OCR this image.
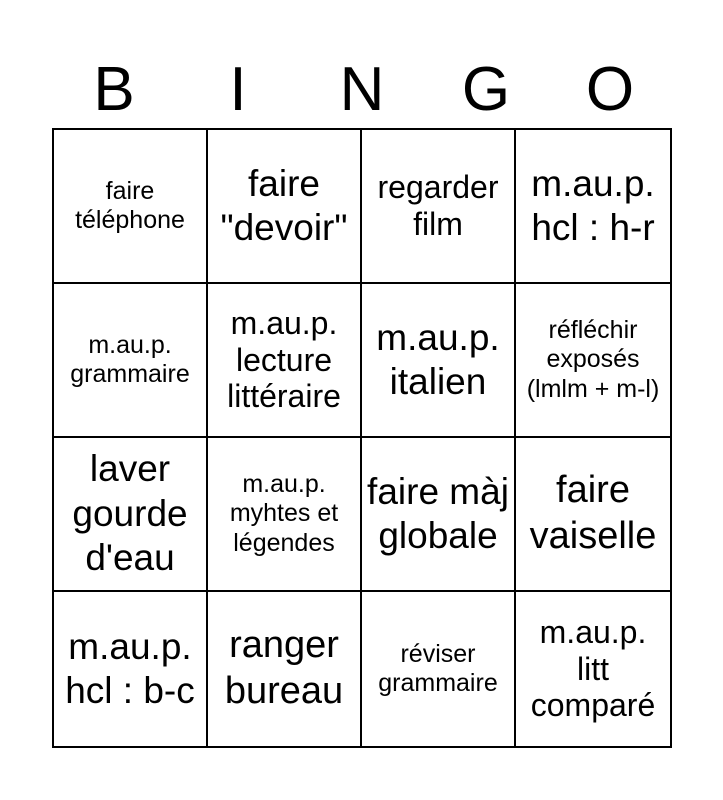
B	I	N	G	O
faire téléphone
faire "devoir"
regarder film
m.au.p. hcl : h-r
m.au.p. grammaire
m.au.p. lecture littéraire
m.au.p. italien
réfléchir exposés (lmlm + m-l)
laver gourde d'eau
m.au.p. myhtes et légendes
faire màj globale
faire vaiselle
m.au.p. hcl : b-c
ranger bureau
réviser grammaire
m.au.p. litt comparé
